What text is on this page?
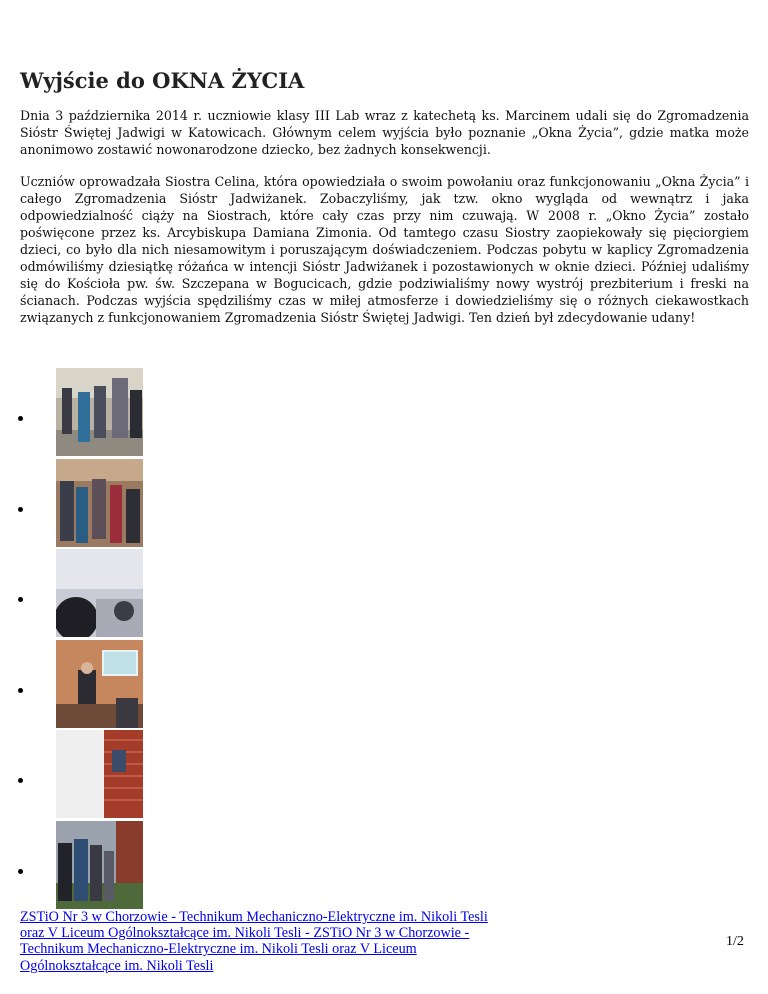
Wyjście do OKNA ŻYCIA

Dnia 3 października 2014 r. uczniowie klasy III Lab wraz z katechetą ks. Marcinem udali się do Zgromadzenia Sióstr Świętej Jadwigi w Katowicach. Głównym celem wyjścia było poznanie „Okna Życia”, gdzie matka może anonimowo zostawić nowonarodzone dziecko, bez żadnych konsekwencji.

Uczniów oprowadzała Siostra Celina, która opowiedziała o swoim powołaniu oraz funkcjonowaniu „Okna Życia” i całego Zgromadzenia Sióstr Jadwiżanek. Zobaczyliśmy, jak tzw. okno wygląda od wewnątrz i jaka odpowiedzialność ciąży na Siostrach, które cały czas przy nim czuwają. W 2008 r. „Okno Życia” zostało poświęcone przez ks. Arcybiskupa Damiana Zimonia. Od tamtego czasu Siostry zaopiekowały się pięciorgiem dzieci, co było dla nich niesamowitym i poruszającym doświadczeniem. Podczas pobytu w kaplicy Zgromadzenia odmówiliśmy dziesiątkę różańca w intencji Sióstr Jadwiżanek i pozostawionych w oknie dzieci. Później udaliśmy się do Kościoła pw. św. Szczepana w Bogucicach, gdzie podziwialiśmy nowy wystrój prezbiterium i freski na ścianach. Podczas wyjścia spędziliśmy czas w miłej atmosferze i dowiedzieliśmy się o różnych ciekawostkach związanych z funkcjonowaniem Zgromadzenia Sióstr Świętej Jadwigi. Ten dzień był zdecydowanie udany!

ZSTiO Nr 3 w Chorzowie - Technikum Mechaniczno-Elektryczne im. Nikoli Tesli oraz V Liceum Ogólnokształcące im. Nikoli Tesli - ZSTiO Nr 3 w Chorzowie - Technikum Mechaniczno-Elektryczne im. Nikoli Tesli oraz V Liceum Ogólnokształcące im. Nikoli Tesli
1/2
